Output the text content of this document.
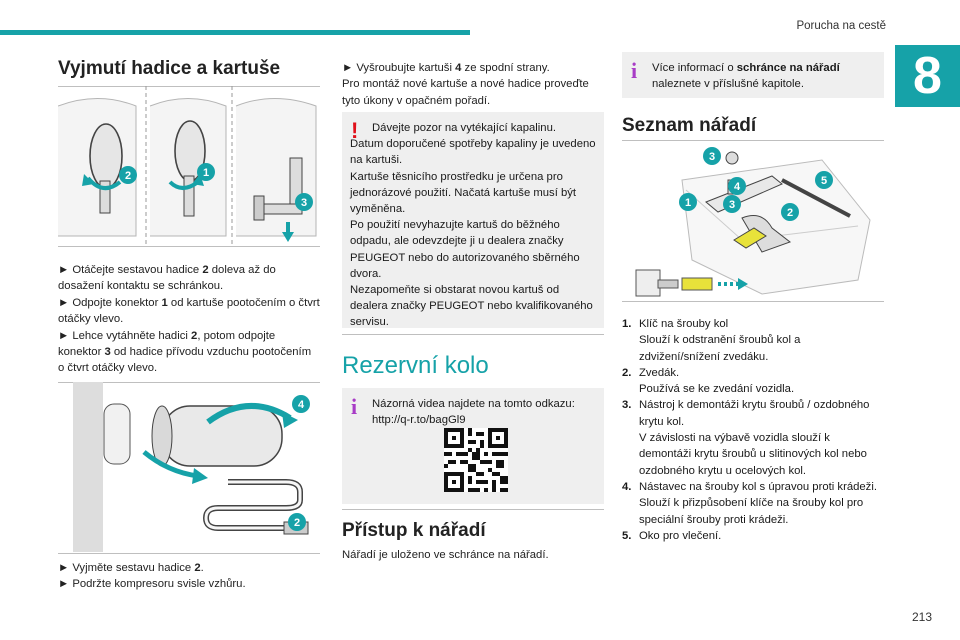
Porucha na cestě
8
Vyjmutí hadice a kartuše
2	1
3

► Otáčejte sestavou hadice 2 doleva až do dosažení kontaktu se schránkou.

► Odpojte konektor 1 od kartuše pootočením o čtvrt otáčky vlevo.

► Lehce vytáhněte hadici 2, potom odpojte konektor 3 od hadice přívodu vzduchu pootočením o čtvrt otáčky vlevo.

4
2

► Vyjměte sestavu hadice 2.

► Podržte kompresoru svisle vzhůru.

► Vyšroubujte kartuši 4 ze spodní strany.

Pro montáž nové kartuše a nové hadice proveďte tyto úkony v opačném pořadí.

! Dávejte pozor na vytékající kapalinu.

Datum doporučené spotřeby kapaliny je uvedeno na kartuši.

Kartuše těsnicího prostředku je určena pro jednorázové použití. Načatá kartuše musí být vyměněna.

Po použití nevyhazujte kartuš do běžného odpadu, ale odevzdejte ji u dealera značky PEUGEOT nebo do autorizovaného sběrného dvora.

Nezapomeňte si obstarat novou kartuš od dealera značky PEUGEOT nebo kvalifikovaného servisu.

Rezervní kolo
i Názorná videa najdete na tomto odkazu: http://q-r.to/bagGl9

Přístup k nářadí

Nářadí je uloženo ve schránce na nářadí.

i Více informací o schránce na nářadí naleznete v příslušné kapitole.

Seznam nářadí
3
4	5
1	3
2
1. Klíč na šrouby kol
Slouží k odstranění šroubů kol a zdvižení/snížení zvedáku.
2. Zvedák.
Používá se ke zvedání vozidla.
3. Nástroj k demontáži krytu šroubů / ozdobného krytu kol.
V závislosti na výbavě vozidla slouží k demontáži krytu šroubů u slitinových kol nebo ozdobného krytu u ocelových kol.
4. Nástavec na šrouby kol s úpravou proti krádeži.
Slouží k přizpůsobení klíče na šrouby kol pro speciální šrouby proti krádeži.
5. Oko pro vlečení.
213
